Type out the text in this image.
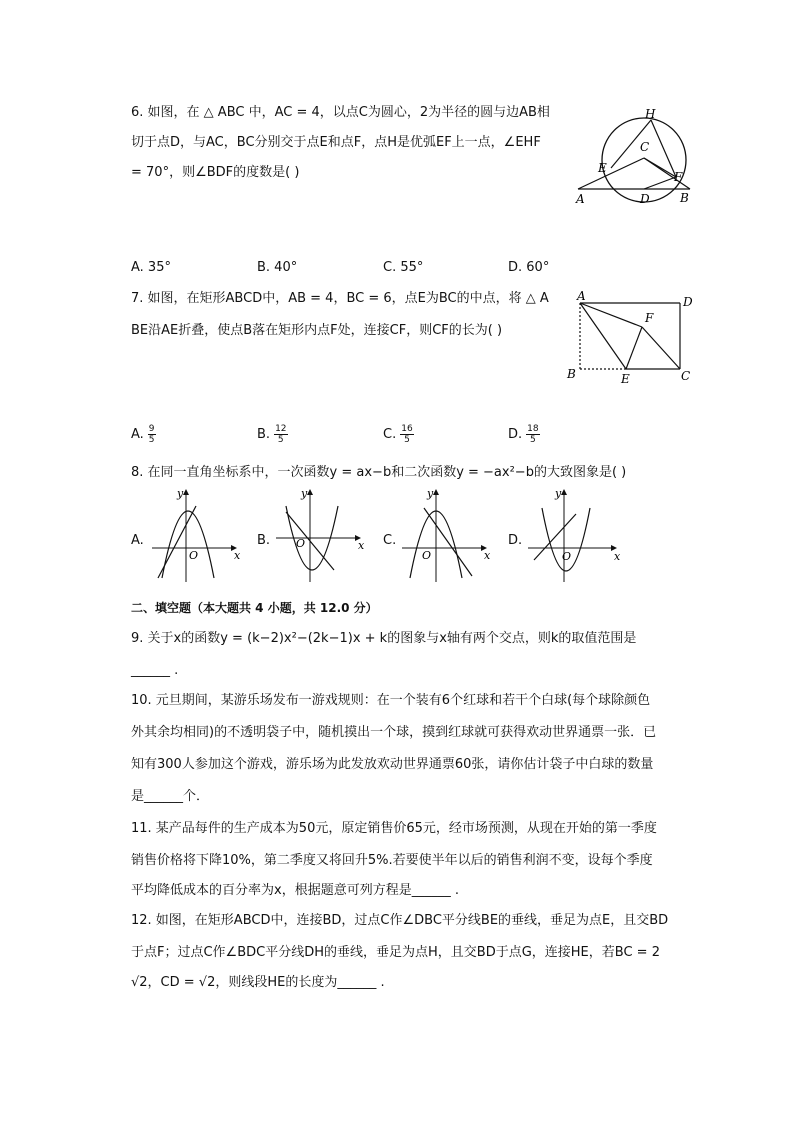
6. 如图，在 △ ABC 中，AC = 4，以点C为圆心，2为半径的圆与边AB相
切于点D，与AC，BC分别交于点E和点F，点H是优弧EF上一点，∠EHF
= 70°，则∠BDF的度数是( )
H
C
E
F
A	D	B
A. 35°	B. 40°	C. 55°	D. 60°
7. 如图，在矩形ABCD中，AB = 4，BC = 6，点E为BC的中点，将 △ A
BE沿AE折叠，使点B落在矩形内点F处，连接CF，则CF的长为( )
A	D
F
B	E	C
A. $\frac{9}{5}$	B. $\frac{12}{5}$	C. $\frac{16}{5}$	D. $\frac{18}{5}$
8. 在同一直角坐标系中，一次函数y = ax−b和二次函数y = −ax²−b的大致图象是( )
A.	B.	C.	D.
O	x
y
O	x
y
O	x
y
O	x
y
二、填空题（本大题共 4 小题，共 12.0 分）
9. 关于x的函数y = (k−2)x²−(2k−1)x + k的图象与x轴有两个交点，则k的取值范围是
______ .
10. 元旦期间，某游乐场发布一游戏规则：在一个装有6个红球和若干个白球(每个球除颜色
外其余均相同)的不透明袋子中，随机摸出一个球，摸到红球就可获得欢动世界通票一张．已
知有300人参加这个游戏，游乐场为此发放欢动世界通票60张，请你估计袋子中白球的数量
是______个．
11. 某产品每件的生产成本为50元，原定销售价65元，经市场预测，从现在开始的第一季度
销售价格将下降10%，第二季度又将回升5%.若要使半年以后的销售利润不变，设每个季度
平均降低成本的百分率为x，根据题意可列方程是______ .
12. 如图，在矩形ABCD中，连接BD，过点C作∠DBC平分线BE的垂线，垂足为点E，且交BD
于点F；过点C作∠BDC平分线DH的垂线，垂足为点H，且交BD于点G，连接HE，若BC = 2
√2，CD = √2，则线段HE的长度为______ .
